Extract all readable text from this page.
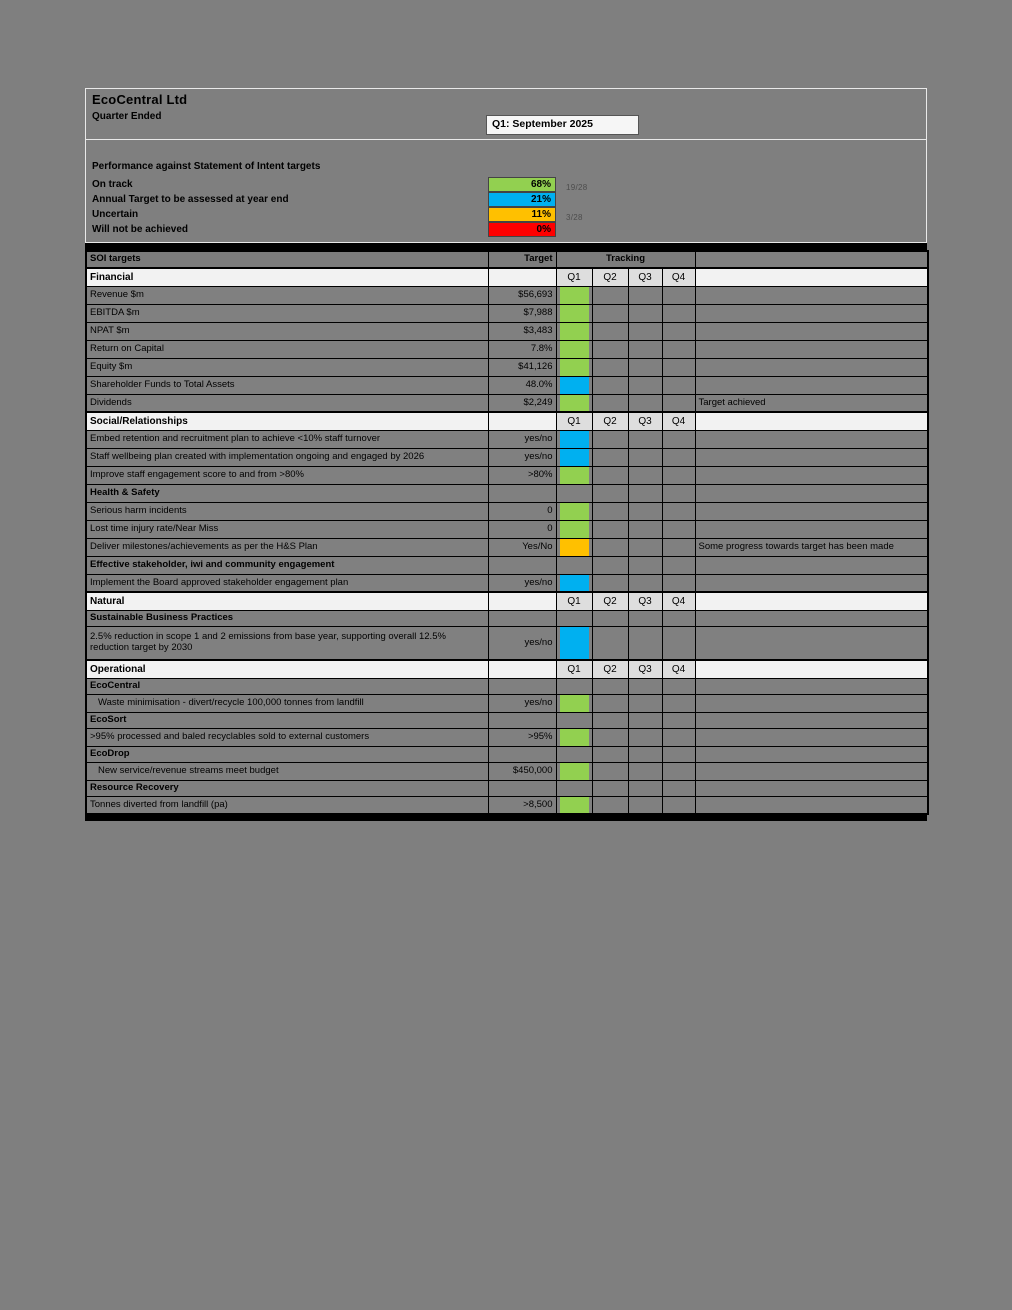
EcoCentral Ltd
Quarter Ended
Q1: September 2025
Performance against Statement of Intent targets
On track	68%
Annual Target to be assessed at year end	21%
Uncertain	11%
Will not be achieved	0%
19/28
3/28
SOI targets	Target	Tracking				
Financial		Q1	Q2	Q3	Q4	
Revenue $m	$56,693	

EBITDA $m	$7,988	

NPAT $m	$3,483	

Return on Capital	7.8%	

Equity $m	$41,126	

Shareholder Funds to Total Assets	48.0%	

Dividends	$2,249					Target achieved
Social/Relationships		Q1	Q2	Q3	Q4	
Embed retention and recruitment plan to achieve <10% staff turnover	yes/no	

Staff wellbeing plan created with implementation ongoing and engaged by 2026	yes/no	

Improve staff engagement score to and from >80%	>80%	

Health & Safety						
Serious harm incidents	0	

Lost time injury rate/Near Miss	0	

Deliver milestones/achievements as per the H&S Plan	Yes/No					Some progress towards target has been made
Effective stakeholder, iwi and community engagement						
Implement the Board approved stakeholder engagement plan	yes/no	

Natural		Q1	Q2	Q3	Q4	
Sustainable Business Practices						
2.5% reduction in scope 1 and 2 emissions from base year, supporting overall 12.5% reduction target by 2030	yes/no	

Operational		Q1	Q2	Q3	Q4	
EcoCentral						
Waste minimisation - divert/recycle 100,000 tonnes from landfill	yes/no	

EcoSort						
>95% processed and baled recyclables sold to external customers	>95%	

EcoDrop						
New service/revenue streams meet budget	$450,000	

Resource Recovery						
Tonnes diverted from landfill (pa)	>8,500	
